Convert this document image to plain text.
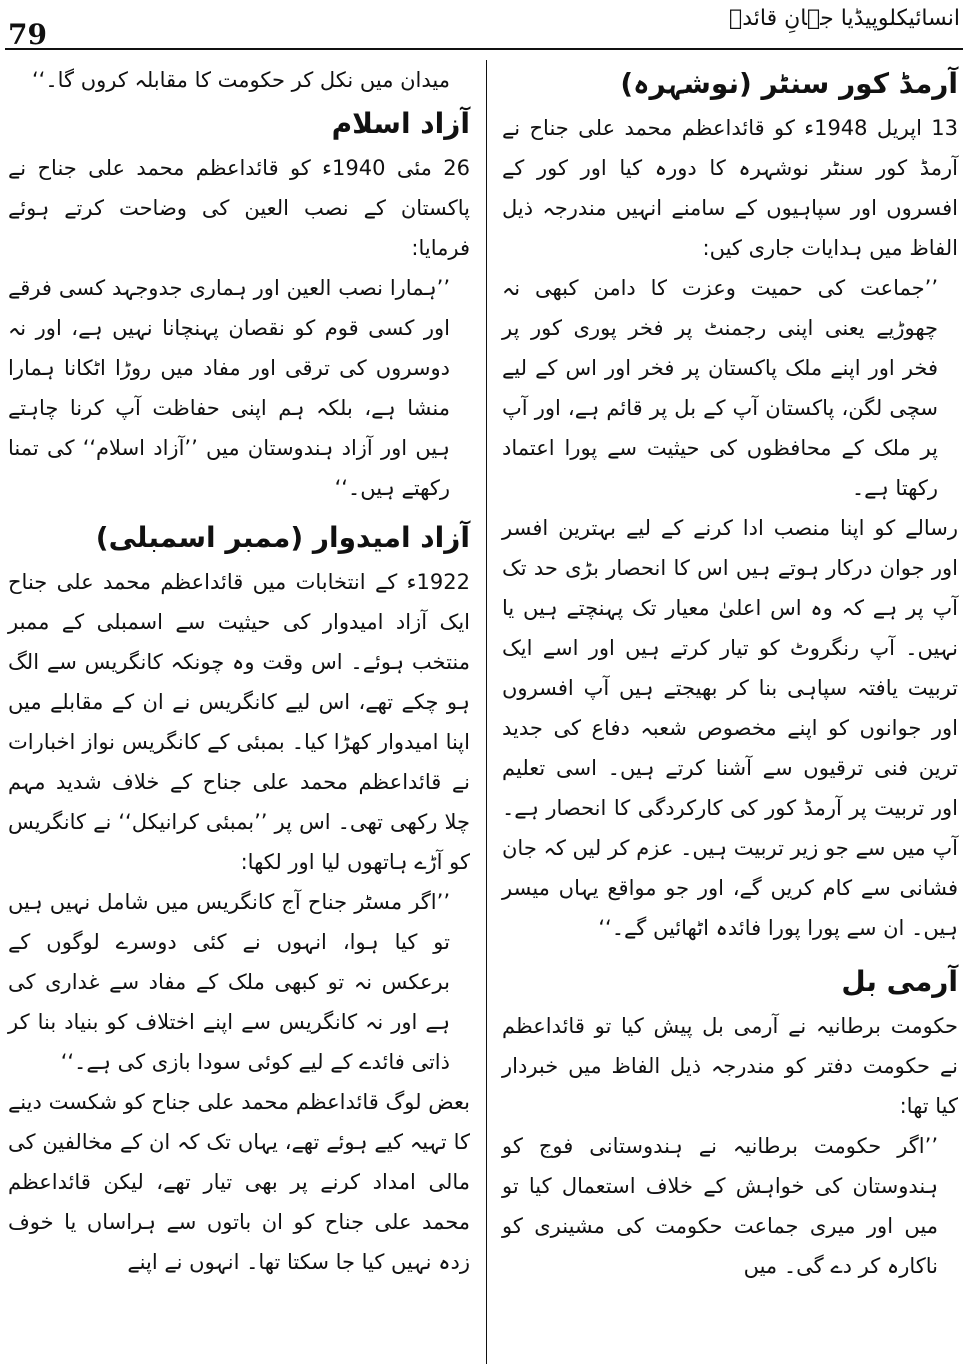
انسائیکلوپیڈیا جہانِ قائدؒ
79
آرمڈ کور سنٹر (نوشہرہ)

13 اپریل 1948ء کو قائداعظم محمد علی جناح نے آرمڈ کور سنٹر نوشہرہ کا دورہ کیا اور کور کے افسروں اور سپاہیوں کے سامنے انہیں مندرجہ ذیل الفاظ میں ہدایات جاری کیں:

’’جماعت کی حمیت وعزت کا دامن کبھی نہ چھوڑیے یعنی اپنی رجمنٹ پر فخر پوری کور پر فخر اور اپنے ملک پاکستان پر فخر اور اس کے لیے سچی لگن، پاکستان آپ کے بل پر قائم ہے، اور آپ پر ملک کے محافظوں کی حیثیت سے پورا اعتماد رکھتا ہے۔

رسالے کو اپنا منصب ادا کرنے کے لیے بہترین افسر اور جوان درکار ہوتے ہیں اس کا انحصار بڑی حد تک آپ پر ہے کہ وہ اس اعلیٰ معیار تک پہنچتے ہیں یا نہیں۔ آپ رنگروٹ کو تیار کرتے ہیں اور اسے ایک تربیت یافتہ سپاہی بنا کر بھیجتے ہیں آپ افسروں اور جوانوں کو اپنے مخصوص شعبہ دفاع کی جدید ترین فنی ترقیوں سے آشنا کرتے ہیں۔ اسی تعلیم اور تربیت پر آرمڈ کور کی کارکردگی کا انحصار ہے۔ آپ میں سے جو زیر تربیت ہیں۔ عزم کر لیں کہ جان فشانی سے کام کریں گے، اور جو مواقع یہاں میسر ہیں۔ ان سے پورا پورا فائدہ اٹھائیں گے۔‘‘

آرمی بل

حکومت برطانیہ نے آرمی بل پیش کیا تو قائداعظم نے حکومت دفتر کو مندرجہ ذیل الفاظ میں خبردار کیا تھا:

’’اگر حکومت برطانیہ نے ہندوستانی فوج کو ہندوستان کی خواہش کے خلاف استعمال کیا تو میں اور میری جماعت حکومت کی مشینری کو ناکارہ کر دے گی۔ میں

میدان میں نکل کر حکومت کا مقابلہ کروں گا۔‘‘

آزاد اسلام

26 مئی 1940ء کو قائداعظم محمد علی جناح نے پاکستان کے نصب العین کی وضاحت کرتے ہوئے فرمایا:

’’ہمارا نصب العین اور ہماری جدوجہد کسی فرقے اور کسی قوم کو نقصان پہنچانا نہیں ہے، اور نہ دوسروں کی ترقی اور مفاد میں روڑا اٹکانا ہمارا منشا ہے، بلکہ ہم اپنی حفاظت آپ کرنا چاہتے ہیں اور آزاد ہندوستان میں ’’آزاد اسلام‘‘ کی تمنا رکھتے ہیں۔‘‘

آزاد امیدوار (ممبر اسمبلی)

1922ء کے انتخابات میں قائداعظم محمد علی جناح ایک آزاد امیدوار کی حیثیت سے اسمبلی کے ممبر منتخب ہوئے۔ اس وقت وہ چونکہ کانگریس سے الگ ہو چکے تھے، اس لیے کانگریس نے ان کے مقابلے میں اپنا امیدوار کھڑا کیا۔ بمبئی کے کانگریس نواز اخبارات نے قائداعظم محمد علی جناح کے خلاف شدید مہم چلا رکھی تھی۔ اس پر ’’بمبئی کرانیکل‘‘ نے کانگریس کو آڑے ہاتھوں لیا اور لکھا:

’’اگر مسٹر جناح آج کانگریس میں شامل نہیں ہیں تو کیا ہوا، انہوں نے کئی دوسرے لوگوں کے برعکس نہ تو کبھی ملک کے مفاد سے غداری کی ہے اور نہ کانگریس سے اپنے اختلاف کو بنیاد بنا کر ذاتی فائدے کے لیے کوئی سودا بازی کی ہے۔‘‘

بعض لوگ قائداعظم محمد علی جناح کو شکست دینے کا تہیہ کیے ہوئے تھے، یہاں تک کہ ان کے مخالفین کی مالی امداد کرنے پر بھی تیار تھے، لیکن قائداعظم محمد علی جناح کو ان باتوں سے ہراساں یا خوف زدہ نہیں کیا جا سکتا تھا۔ انہوں نے اپنے
